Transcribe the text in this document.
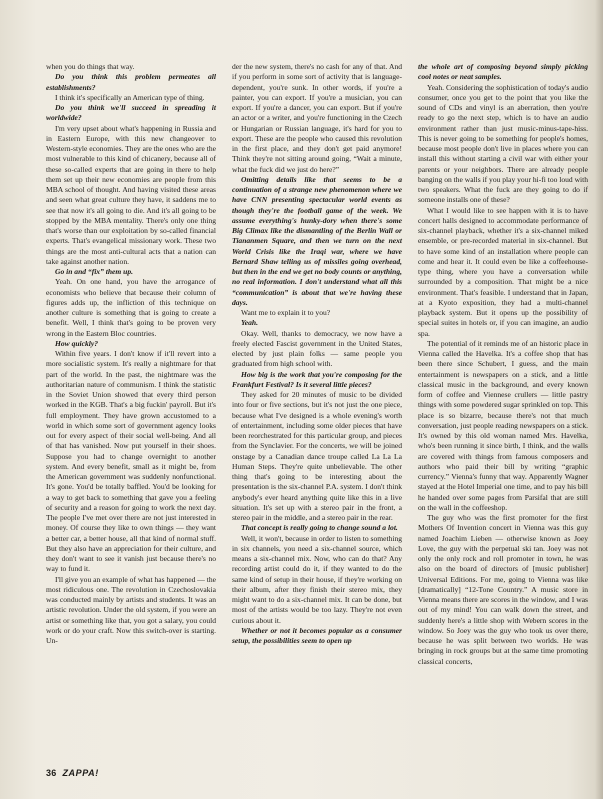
when you do things that way.

Do you think this problem permeates all establishments?

I think it's specifically an American type of thing.

Do you think we'll succeed in spreading it worldwide?

I'm very upset about what's happening in Russia and in Eastern Europe, with this new changeover to Western-style economies. They are the ones who are the most vulnerable to this kind of chicanery, because all of these so-called experts that are going in there to help them set up their new economies are people from this MBA school of thought. And having visited these areas and seen what great culture they have, it saddens me to see that now it's all going to die. And it's all going to be stopped by the MBA mentality. There's only one thing that's worse than our exploitation by so-called financial experts. That's evangelical missionary work. These two things are the most anti-cultural acts that a nation can take against another nation.

Go in and “fix” them up.

Yeah. On one hand, you have the arrogance of economists who believe that because their column of figures adds up, the infliction of this technique on another culture is something that is going to create a benefit. Well, I think that's going to be proven very wrong in the Eastern Bloc countries.

How quickly?

Within five years. I don't know if it'll revert into a more socialistic system. It's really a nightmare for that part of the world. In the past, the nightmare was the authoritarian nature of communism. I think the statistic in the Soviet Union showed that every third person worked in the KGB. That's a big fuckin' payroll. But it's full employment. They have grown accustomed to a world in which some sort of government agency looks out for every aspect of their social well-being. And all of that has vanished. Now put yourself in their shoes. Suppose you had to change overnight to another system. And every benefit, small as it might be, from the American government was suddenly nonfunctional. It's gone. You'd be totally baffled. You'd be looking for a way to get back to something that gave you a feeling of security and a reason for going to work the next day. The people I've met over there are not just interested in money. Of course they like to own things — they want a better car, a better house, all that kind of normal stuff. But they also have an appreciation for their culture, and they don't want to see it vanish just because there's no way to fund it.

I'll give you an example of what has happened — the most ridiculous one. The revolution in Czechoslovakia was conducted mainly by artists and students. It was an artistic revolution. Under the old system, if you were an artist or something like that, you got a salary, you could work or do your craft. Now this switch-over is starting. Un-

der the new system, there's no cash for any of that. And if you perform in some sort of activity that is language-dependent, you're sunk. In other words, if you're a painter, you can export. If you're a musician, you can export. If you're a dancer, you can export. But if you're an actor or a writer, and you're functioning in the Czech or Hungarian or Russian language, it's hard for you to export. These are the people who caused this revolution in the first place, and they don't get paid anymore! Think they're not sitting around going, “Wait a minute, what the fuck did we just do here?”

Omitting details like that seems to be a continuation of a strange new phenomenon where we have CNN presenting spectacular world events as though they're the football game of the week. We assume everything's hunky-dory when there's some Big Climax like the dismantling of the Berlin Wall or Tiananmen Square, and then we turn on the next World Crisis like the Iraqi war, where we have Bernard Shaw telling us of missiles going overhead, but then in the end we get no body counts or anything, no real information. I don't understand what all this “communication” is about that we're having these days.

Want me to explain it to you?

Yeah.

Okay. Well, thanks to democracy, we now have a freely elected Fascist government in the United States, elected by just plain folks — same people you graduated from high school with.

How big is the work that you're composing for the Frankfurt Festival? Is it several little pieces?

They asked for 20 minutes of music to be divided into four or five sections, but it's not just the one piece, because what I've designed is a whole evening's worth of entertainment, including some older pieces that have been reorchestrated for this particular group, and pieces from the Synclavier. For the concerts, we will be joined onstage by a Canadian dance troupe called La La La Human Steps. They're quite unbelievable. The other thing that's going to be interesting about the presentation is the six-channel P.A. system. I don't think anybody's ever heard anything quite like this in a live situation. It's set up with a stereo pair in the front, a stereo pair in the middle, and a stereo pair in the rear.

That concept is really going to change sound a lot.

Well, it won't, because in order to listen to something in six channels, you need a six-channel source, which means a six-channel mix. Now, who can do that? Any recording artist could do it, if they wanted to do the same kind of setup in their house, if they're working on their album, after they finish their stereo mix, they might want to do a six-channel mix. It can be done, but most of the artists would be too lazy. They're not even curious about it.

Whether or not it becomes popular as a consumer setup, the possibilities seem to open up

the whole art of composing beyond simply picking cool notes or neat samples.

Yeah. Considering the sophistication of today's audio consumer, once you get to the point that you like the sound of CDs and vinyl is an aberration, then you're ready to go the next step, which is to have an audio environment rather than just music-minus-tape-hiss. This is never going to be something for people's homes, because most people don't live in places where you can install this without starting a civil war with either your parents or your neighbors. There are already people banging on the walls if you play your hi-fi too loud with two speakers. What the fuck are they going to do if someone installs one of these?

What I would like to see happen with it is to have concert halls designed to accommodate performance of six-channel playback, whether it's a six-channel miked ensemble, or pre-recorded material in six-channel. But to have some kind of an installation where people can come and hear it. It could even be like a coffeehouse-type thing, where you have a conversation while surrounded by a composition. That might be a nice environment. That's feasible. I understand that in Japan, at a Kyoto exposition, they had a multi-channel playback system. But it opens up the possibility of special suites in hotels or, if you can imagine, an audio spa.

The potential of it reminds me of an historic place in Vienna called the Havelka. It's a coffee shop that has been there since Schubert, I guess, and the main entertainment is newspapers on a stick, and a little classical music in the background, and every known form of coffee and Viennese crullers — little pastry things with some powdered sugar sprinkled on top. This place is so bizarre, because there's not that much conversation, just people reading newspapers on a stick. It's owned by this old woman named Mrs. Havelka, who's been running it since birth, I think, and the walls are covered with things from famous composers and authors who paid their bill by writing “graphic currency.” Vienna's funny that way. Apparently Wagner stayed at the Hotel Imperial one time, and to pay his bill he handed over some pages from Parsifal that are still on the wall in the coffeeshop.

The guy who was the first promoter for the first Mothers Of Invention concert in Vienna was this guy named Joachim Lieben — otherwise known as Joey Love, the guy with the perpetual ski tan. Joey was not only the only rock and roll promoter in town, he was also on the board of directors of [music publisher] Universal Editions. For me, going to Vienna was like [dramatically] “12-Tone Country.” A music store in Vienna means there are scores in the window, and I was out of my mind! You can walk down the street, and suddenly here's a little shop with Webern scores in the window. So Joey was the guy who took us over there, because he was split between two worlds. He was bringing in rock groups but at the same time promoting classical concerts,

36 ZAPPA!
